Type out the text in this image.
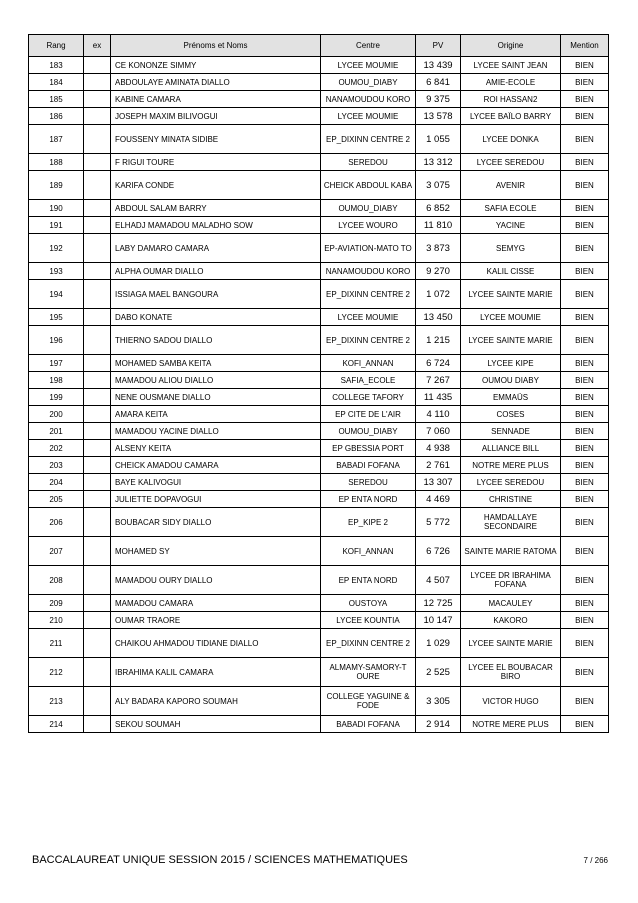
Rang	ex	Prénoms et Noms	Centre	PV	Origine	Mention
183		CE KONONZE SIMMY	LYCEE MOUMIE	13 439	LYCEE SAINT JEAN	BIEN
184		ABDOULAYE AMINATA DIALLO	OUMOU_DIABY	6 841	AMIE-ECOLE	BIEN
185		KABINE CAMARA	NANAMOUDOU KORO	9 375	ROI HASSAN2	BIEN
186		JOSEPH MAXIM BILIVOGUI	LYCEE MOUMIE	13 578	LYCEE BAÏLO BARRY	BIEN
187		FOUSSENY MINATA SIDIBE	EP_DIXINN CENTRE 2	1 055	LYCEE DONKA	BIEN
188		F RIGUI TOURE	SEREDOU	13 312	LYCEE SEREDOU	BIEN
189		KARIFA CONDE	CHEICK ABDOUL KABA	3 075	AVENIR	BIEN
190		ABDOUL SALAM BARRY	OUMOU_DIABY	6 852	SAFIA ECOLE	BIEN
191		ELHADJ MAMADOU MALADHO SOW	LYCEE WOURO	11 810	YACINE	BIEN
192		LABY DAMARO CAMARA	EP-AVIATION-MATO TO	3 873	SEMYG	BIEN
193		ALPHA OUMAR DIALLO	NANAMOUDOU KORO	9 270	KALIL CISSE	BIEN
194		ISSIAGA MAEL BANGOURA	EP_DIXINN CENTRE 2	1 072	LYCEE SAINTE MARIE	BIEN
195		DABO KONATE	LYCEE MOUMIE	13 450	LYCEE MOUMIE	BIEN
196		THIERNO SADOU DIALLO	EP_DIXINN CENTRE 2	1 215	LYCEE SAINTE MARIE	BIEN
197		MOHAMED SAMBA KEITA	KOFI_ANNAN	6 724	LYCEE KIPE	BIEN
198		MAMADOU ALIOU DIALLO	SAFIA_ECOLE	7 267	OUMOU DIABY	BIEN
199		NENE OUSMANE DIALLO	COLLEGE TAFORY	11 435	EMMAÜS	BIEN
200		AMARA KEITA	EP CITE DE L'AIR	4 110	COSES	BIEN
201		MAMADOU YACINE DIALLO	OUMOU_DIABY	7 060	SENNADE	BIEN
202		ALSENY KEITA	EP GBESSIA PORT	4 938	ALLIANCE BILL	BIEN
203		CHEICK AMADOU CAMARA	BABADI FOFANA	2 761	NOTRE MERE PLUS	BIEN
204		BAYE KALIVOGUI	SEREDOU	13 307	LYCEE SEREDOU	BIEN
205		JULIETTE DOPAVOGUI	EP ENTA NORD	4 469	CHRISTINE	BIEN
206		BOUBACAR SIDY DIALLO	EP_KIPE 2	5 772	HAMDALLAYE SECONDAIRE	BIEN
207		MOHAMED SY	KOFI_ANNAN	6 726	SAINTE MARIE RATOMA	BIEN
208		MAMADOU OURY DIALLO	EP ENTA NORD	4 507	LYCEE DR IBRAHIMA FOFANA	BIEN
209		MAMADOU CAMARA	OUSTOYA	12 725	MACAULEY	BIEN
210		OUMAR TRAORE	LYCEE KOUNTIA	10 147	KAKORO	BIEN
211		CHAIKOU AHMADOU TIDIANE DIALLO	EP_DIXINN CENTRE 2	1 029	LYCEE SAINTE MARIE	BIEN
212		IBRAHIMA KALIL CAMARA	ALMAMY-SAMORY-T OURE	2 525	LYCEE EL BOUBACAR BIRO	BIEN
213		ALY BADARA KAPORO SOUMAH	COLLEGE YAGUINE & FODE	3 305	VICTOR HUGO	BIEN
214		SEKOU SOUMAH	BABADI FOFANA	2 914	NOTRE MERE PLUS	BIEN
BACCALAUREAT UNIQUE SESSION 2015 / SCIENCES MATHEMATIQUES	7 / 266
